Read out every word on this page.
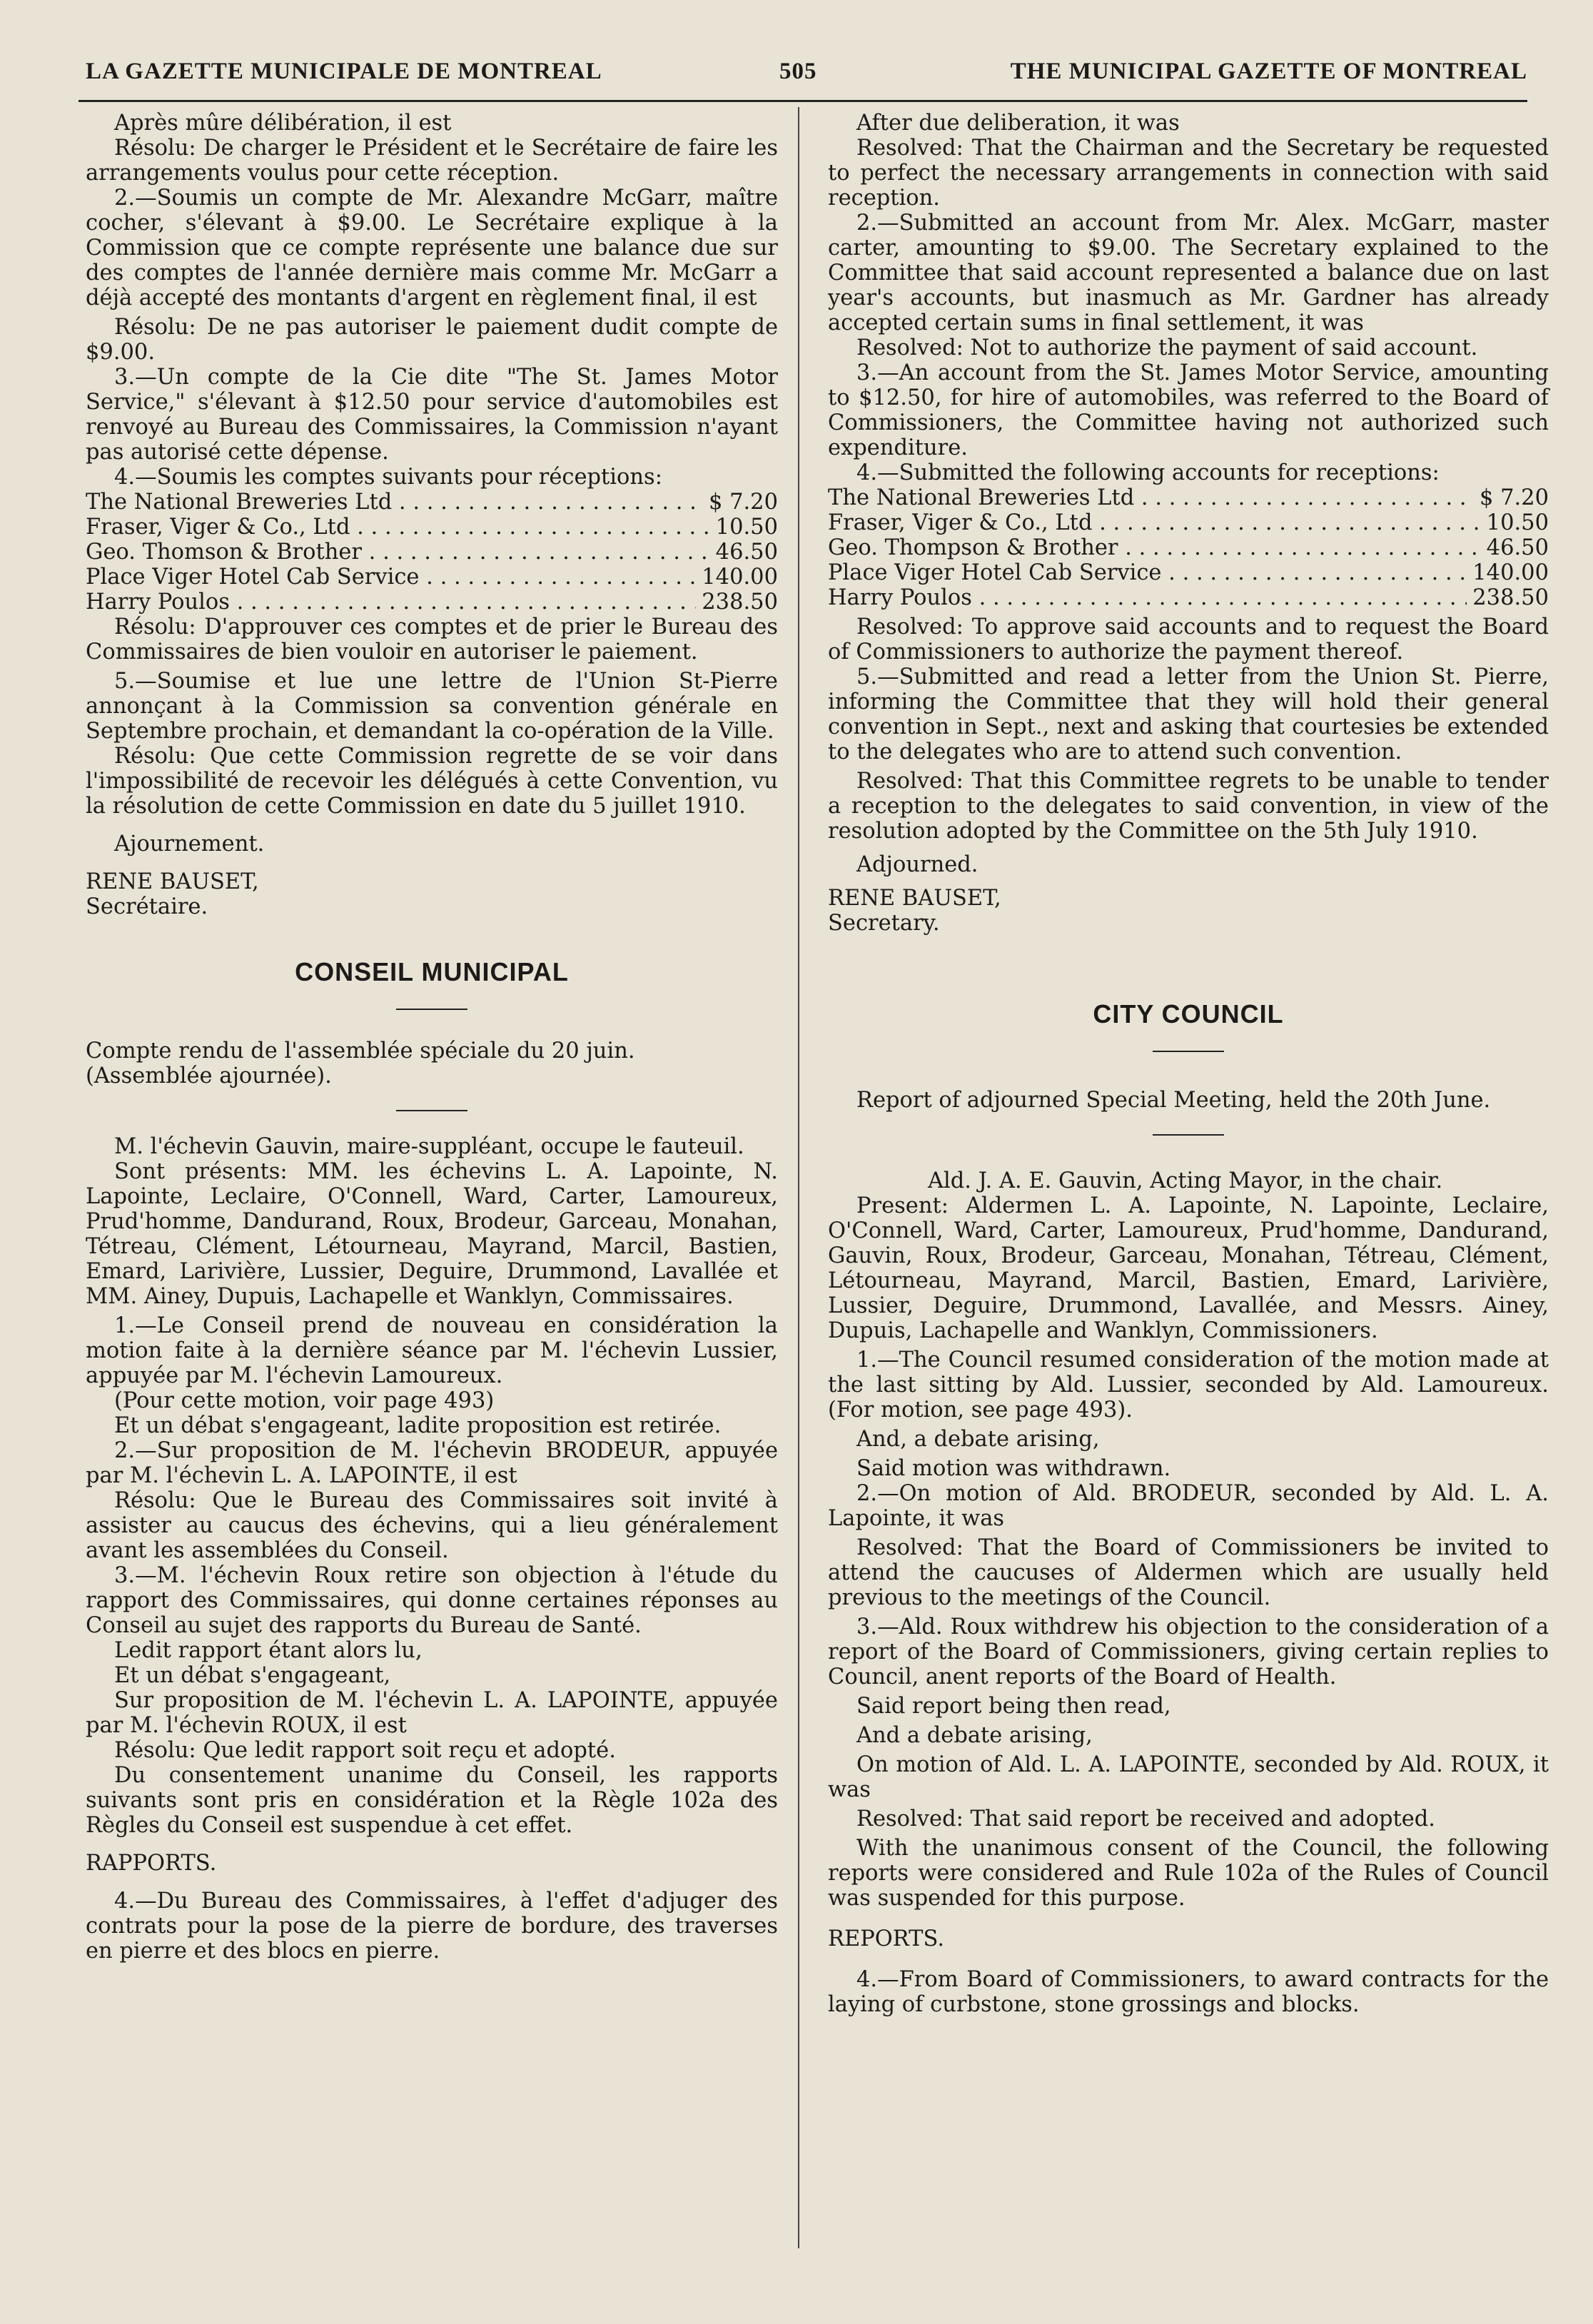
LA GAZETTE MUNICIPALE DE MONTREAL	505	THE MUNICIPAL GAZETTE OF MONTREAL

Après mûre délibération, il est

Résolu: De charger le Président et le Secrétaire de faire les arrangements voulus pour cette réception.

2.—Soumis un compte de Mr. Alexandre McGarr, maître cocher, s'élevant à $9.00. Le Secrétaire explique à la Commission que ce compte représente une balance due sur des comptes de l'année dernière mais comme Mr. McGarr a déjà accepté des montants d'argent en règlement final, il est

Résolu: De ne pas autoriser le paiement dudit compte de $9.00.

3.—Un compte de la Cie dite "The St. James Motor Service," s'élevant à $12.50 pour service d'automobiles est renvoyé au Bureau des Commissaires, la Commission n'ayant pas autorisé cette dépense.

4.—Soumis les comptes suivants pour réceptions:

The National Breweries Ltd . . .	$ 7.20
Fraser, Viger & Co., Ltd . . .	10.50
Geo. Thomson & Brother . . .	46.50
Place Viger Hotel Cab Service . . .	140.00
Harry Poulos . . .	238.50

Résolu: D'approuver ces comptes et de prier le Bureau des Commissaires de bien vouloir en autoriser le paiement.

5.—Soumise et lue une lettre de l'Union St-Pierre annonçant à la Commission sa convention générale en Septembre prochain, et demandant la co-opération de la Ville.

Résolu: Que cette Commission regrette de se voir dans l'impossibilité de recevoir les délégués à cette Convention, vu la résolution de cette Commission en date du 5 juillet 1910.

Ajournement.

RENE BAUSET,

Secrétaire.

CONSEIL MUNICIPAL

Compte rendu de l'assemblée spéciale du 20 juin.

(Assemblée ajournée).

M. l'échevin Gauvin, maire-suppléant, occupe le fauteuil.

Sont présents: MM. les échevins L. A. Lapointe, N. Lapointe, Leclaire, O'Connell, Ward, Carter, Lamoureux, Prud'homme, Dandurand, Roux, Brodeur, Garceau, Monahan, Tétreau, Clément, Létourneau, Mayrand, Marcil, Bastien, Emard, Larivière, Lussier, Deguire, Drummond, Lavallée et MM. Ainey, Dupuis, Lachapelle et Wanklyn, Commissaires.

1.—Le Conseil prend de nouveau en considération la motion faite à la dernière séance par M. l'échevin Lussier, appuyée par M. l'échevin Lamoureux.

(Pour cette motion, voir page 493)

Et un débat s'engageant, ladite proposition est retirée.

2.—Sur proposition de M. l'échevin BRODEUR, appuyée par M. l'échevin L. A. LAPOINTE, il est

Résolu: Que le Bureau des Commissaires soit invité à assister au caucus des échevins, qui a lieu généralement avant les assemblées du Conseil.

3.—M. l'échevin Roux retire son objection à l'étude du rapport des Commissaires, qui donne certaines réponses au Conseil au sujet des rapports du Bureau de Santé.

Ledit rapport étant alors lu,

Et un débat s'engageant,

Sur proposition de M. l'échevin L. A. LAPOINTE, appuyée par M. l'échevin ROUX, il est

Résolu: Que ledit rapport soit reçu et adopté.

Du consentement unanime du Conseil, les rapports suivants sont pris en considération et la Règle 102a des Règles du Conseil est suspendue à cet effet.

RAPPORTS.

4.—Du Bureau des Commissaires, à l'effet d'adjuger des contrats pour la pose de la pierre de bordure, des traverses en pierre et des blocs en pierre.

After due deliberation, it was

Resolved: That the Chairman and the Secretary be requested to perfect the necessary arrangements in connection with said reception.

2.—Submitted an account from Mr. Alex. McGarr, master carter, amounting to $9.00. The Secretary explained to the Committee that said account represented a balance due on last year's accounts, but inasmuch as Mr. Gardner has already accepted certain sums in final settlement, it was

Resolved: Not to authorize the payment of said account.

3.—An account from the St. James Motor Service, amounting to $12.50, for hire of automobiles, was referred to the Board of Commissioners, the Committee having not authorized such expenditure.

4.—Submitted the following accounts for receptions:

The National Breweries Ltd . . .	$ 7.20
Fraser, Viger & Co., Ltd . . .	10.50
Geo. Thompson & Brother . . .	46.50
Place Viger Hotel Cab Service . . .	140.00
Harry Poulos . . .	238.50

Resolved: To approve said accounts and to request the Board of Commissioners to authorize the payment thereof.

5.—Submitted and read a letter from the Union St. Pierre, informing the Committee that they will hold their general convention in Sept., next and asking that courtesies be extended to the delegates who are to attend such convention.

Resolved: That this Committee regrets to be unable to tender a reception to the delegates to said convention, in view of the resolution adopted by the Committee on the 5th July 1910.

Adjourned.

RENE BAUSET,

Secretary.

CITY COUNCIL

Report of adjourned Special Meeting, held the 20th June.

Ald. J. A. E. Gauvin, Acting Mayor, in the chair.

Present: Aldermen L. A. Lapointe, N. Lapointe, Leclaire, O'Connell, Ward, Carter, Lamoureux, Prud'homme, Dandurand, Gauvin, Roux, Brodeur, Garceau, Monahan, Tétreau, Clément, Létourneau, Mayrand, Marcil, Bastien, Emard, Larivière, Lussier, Deguire, Drummond, Lavallée, and Messrs. Ainey, Dupuis, Lachapelle and Wanklyn, Commissioners.

1.—The Council resumed consideration of the motion made at the last sitting by Ald. Lussier, seconded by Ald. Lamoureux. (For motion, see page 493).

And, a debate arising,

Said motion was withdrawn.

2.—On motion of Ald. BRODEUR, seconded by Ald. L. A. Lapointe, it was

Resolved: That the Board of Commissioners be invited to attend the caucuses of Aldermen which are usually held previous to the meetings of the Council.

3.—Ald. Roux withdrew his objection to the consideration of a report of the Board of Commissioners, giving certain replies to Council, anent reports of the Board of Health.

Said report being then read,

And a debate arising,

On motion of Ald. L. A. LAPOINTE, seconded by Ald. ROUX, it was

Resolved: That said report be received and adopted.

With the unanimous consent of the Council, the following reports were considered and Rule 102a of the Rules of Council was suspended for this purpose.

REPORTS.

4.—From Board of Commissioners, to award contracts for the laying of curbstone, stone grossings and blocks.
